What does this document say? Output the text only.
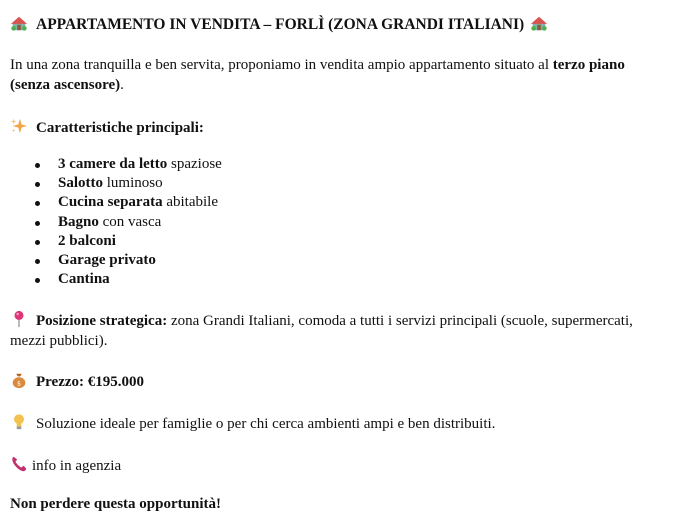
APPARTAMENTO IN VENDITA – FORLÌ (ZONA GRANDI ITALIANI)
In una zona tranquilla e ben servita, proponiamo in vendita ampio appartamento situato al terzo piano (senza ascensore).
Caratteristiche principali:
3 camere da letto spaziose
Salotto luminoso
Cucina separata abitabile
Bagno con vasca
2 balconi
Garage privato
Cantina
Posizione strategica: zona Grandi Italiani, comoda a tutti i servizi principali (scuole, supermercati, mezzi pubblici).
$ Prezzo: €195.000
Soluzione ideale per famiglie o per chi cerca ambienti ampi e ben distribuiti.
info in agenzia
Non perdere questa opportunità!
